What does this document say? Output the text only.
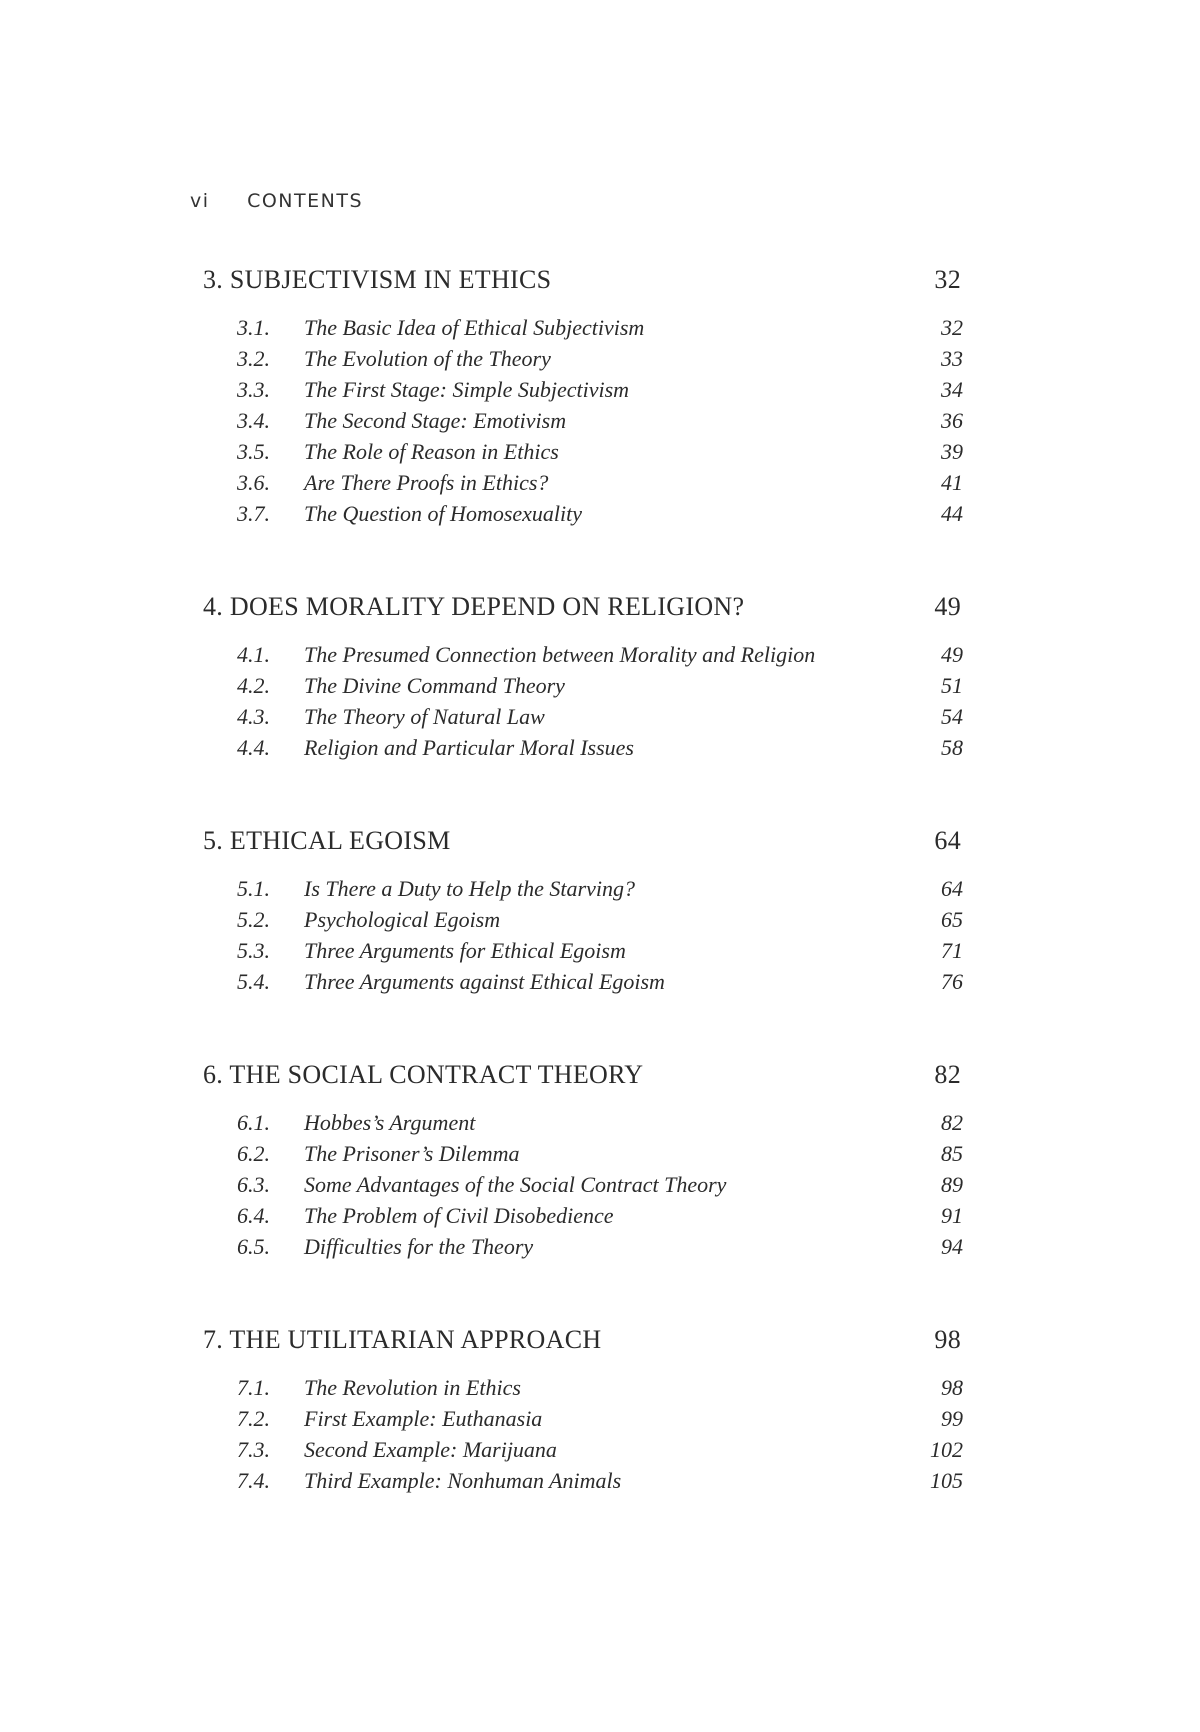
vi CONTENTS
3. SUBJECTIVISM IN ETHICS	32
3.1. The Basic Idea of Ethical Subjectivism	32
3.2. The Evolution of the Theory	33
3.3. The First Stage: Simple Subjectivism	34
3.4. The Second Stage: Emotivism	36
3.5. The Role of Reason in Ethics	39
3.6. Are There Proofs in Ethics?	41
3.7. The Question of Homosexuality	44
4. DOES MORALITY DEPEND ON RELIGION?	49
4.1. The Presumed Connection between Morality and Religion	49
4.2. The Divine Command Theory	51
4.3. The Theory of Natural Law	54
4.4. Religion and Particular Moral Issues	58
5. ETHICAL EGOISM	64
5.1. Is There a Duty to Help the Starving?	64
5.2. Psychological Egoism	65
5.3. Three Arguments for Ethical Egoism	71
5.4. Three Arguments against Ethical Egoism	76
6. THE SOCIAL CONTRACT THEORY	82
6.1. Hobbes’s Argument	82
6.2. The Prisoner’s Dilemma	85
6.3. Some Advantages of the Social Contract Theory	89
6.4. The Problem of Civil Disobedience	91
6.5. Difficulties for the Theory	94
7. THE UTILITARIAN APPROACH	98
7.1. The Revolution in Ethics	98
7.2. First Example: Euthanasia	99
7.3. Second Example: Marijuana	102
7.4. Third Example: Nonhuman Animals	105
